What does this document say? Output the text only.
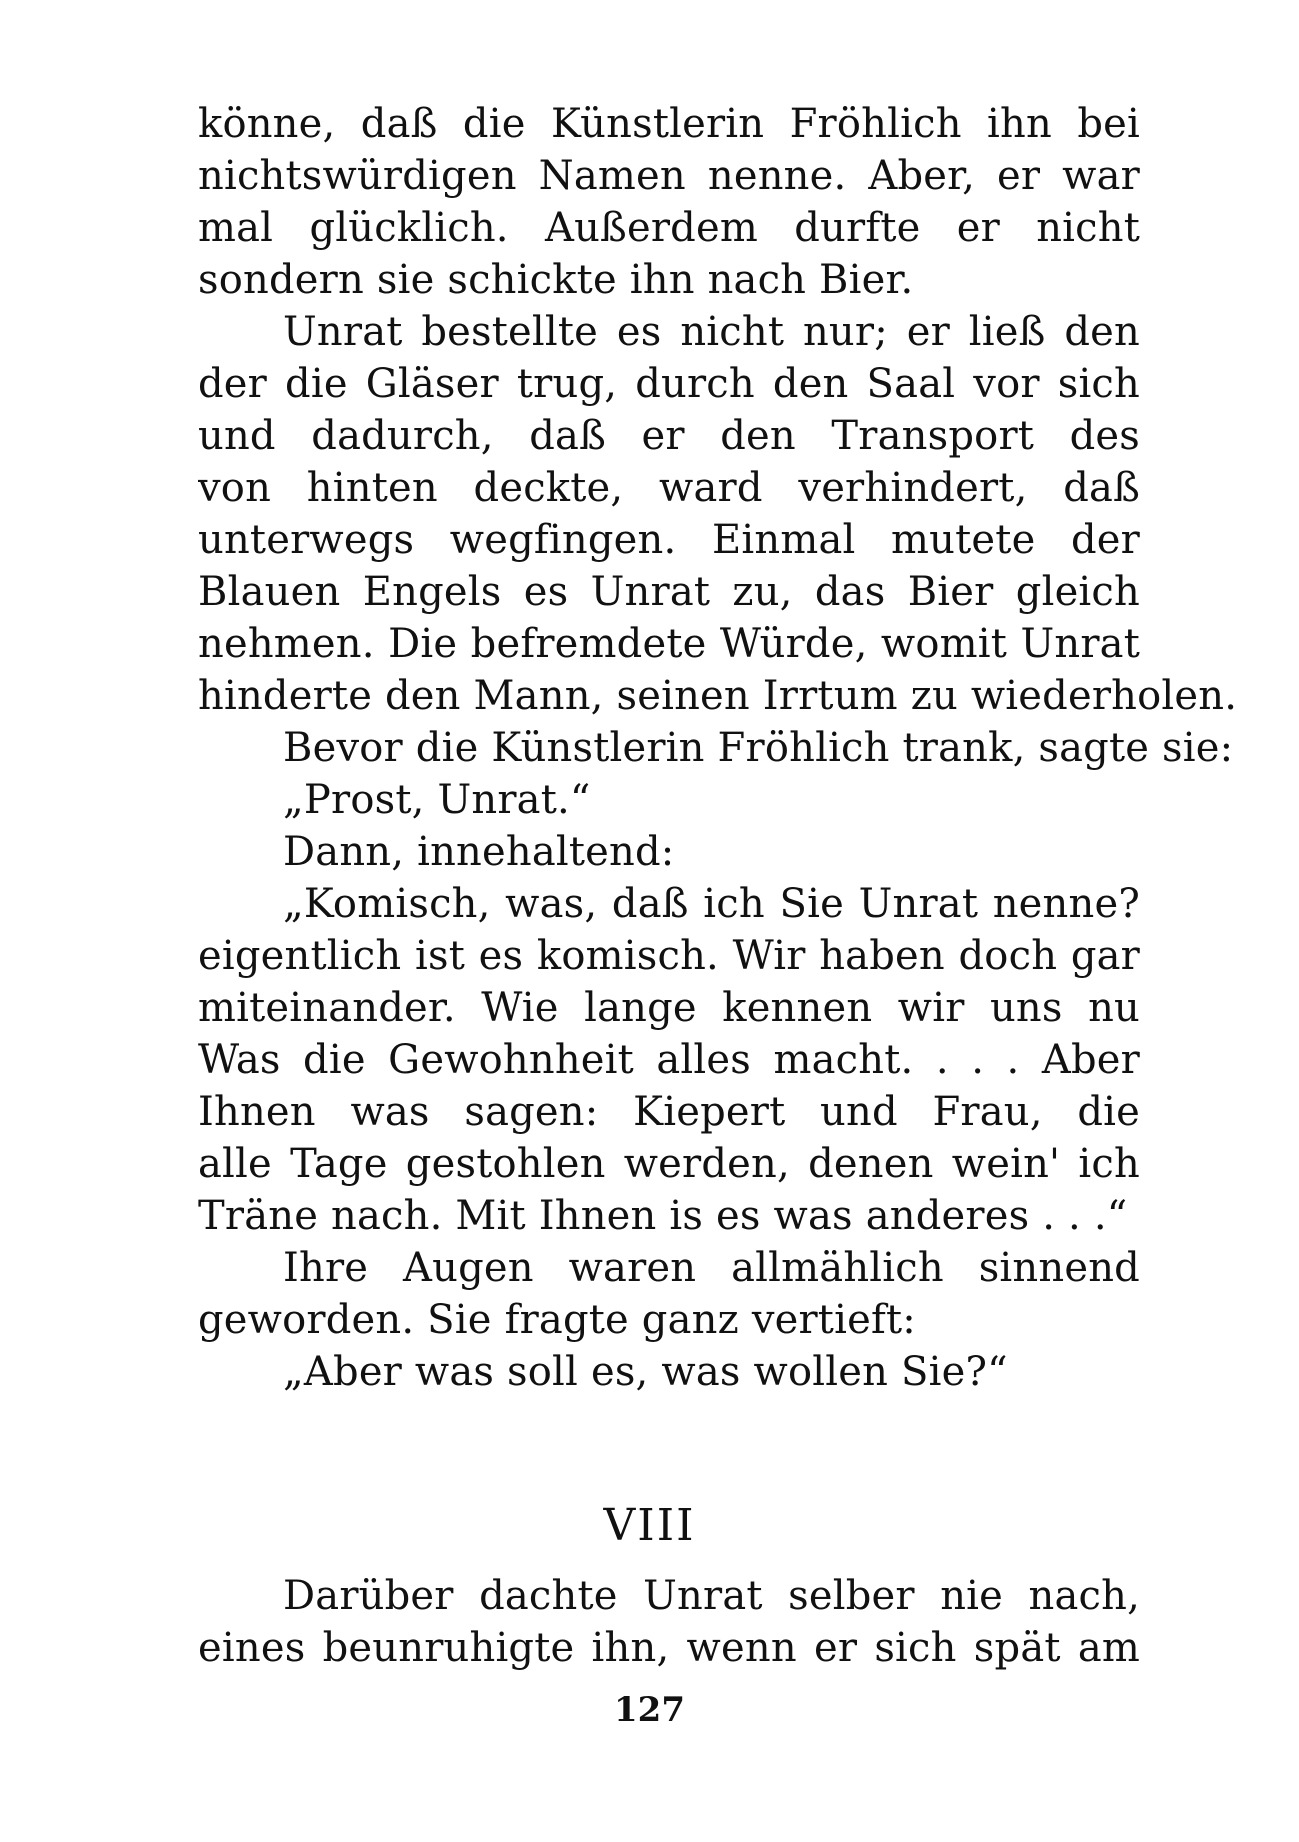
könne, daß die Künstlerin Fröhlich ihn bei
nichtswürdigen Namen nenne. Aber, er war
mal glücklich. Außerdem durfte er nicht
sondern sie schickte ihn nach Bier.
Unrat bestellte es nicht nur; er ließ den
der die Gläser trug, durch den Saal vor sich
und dadurch, daß er den Transport des
von hinten deckte, ward verhindert, daß
unterwegs wegfingen. Einmal mutete der
Blauen Engels es Unrat zu, das Bier gleich
nehmen. Die befremdete Würde, womit Unrat
hinderte den Mann, seinen Irrtum zu wiederholen.
Bevor die Künstlerin Fröhlich trank, sagte sie:
„Prost, Unrat.“
Dann, innehaltend:
„Komisch, was, daß ich Sie Unrat nenne?
eigentlich ist es komisch. Wir haben doch gar
miteinander. Wie lange kennen wir uns nu
Was die Gewohnheit alles macht. . . . Aber
Ihnen was sagen: Kiepert und Frau, die
alle Tage gestohlen werden, denen wein' ich
Träne nach. Mit Ihnen is es was anderes . . .“
Ihre Augen waren allmählich sinnend
geworden. Sie fragte ganz vertieft:
„Aber was soll es, was wollen Sie?“
VIII
Darüber dachte Unrat selber nie nach,
eines beunruhigte ihn, wenn er sich spät am
127
